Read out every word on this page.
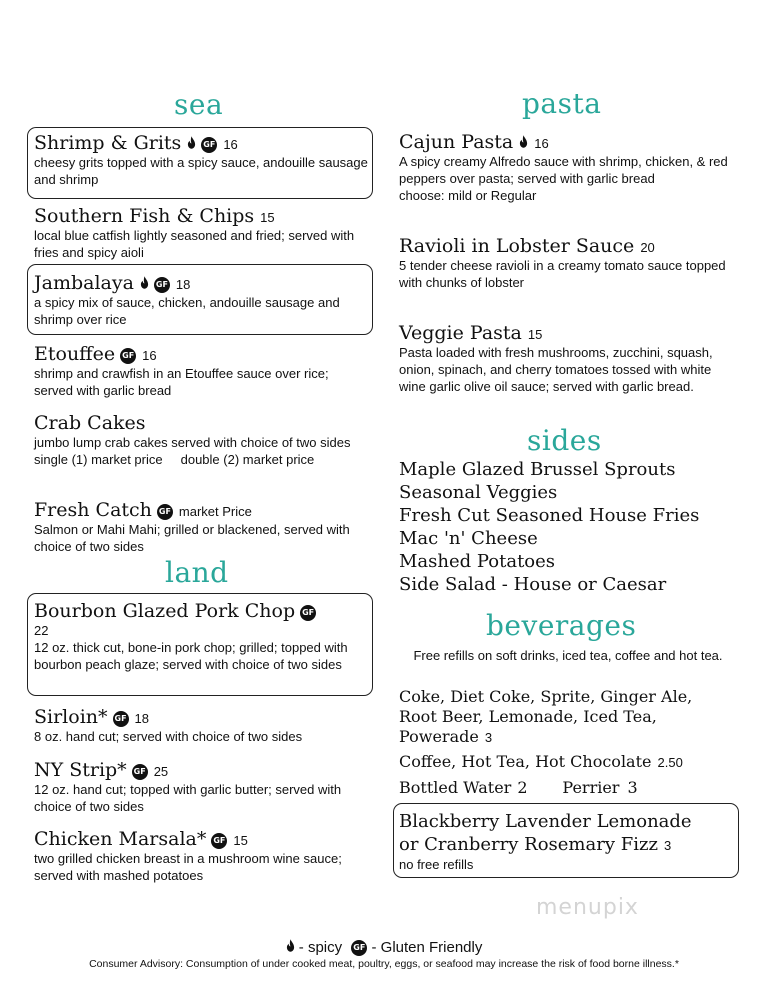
sea
Shrimp & Grits	GF 16
cheesy grits topped with a spicy sauce, andouille sausage and shrimp
Southern Fish & Chips 15
local blue catfish lightly seasoned and fried; served with fries and spicy aioli
Jambalaya	GF 18
a spicy mix of sauce, chicken, andouille sausage and shrimp over rice
Etouffee GF 16
shrimp and crawfish in an Etouffee sauce over rice; served with garlic bread
Crab Cakes
jumbo lump crab cakes served with choice of two sides
single (1) market price double (2) market price
Fresh Catch GF market Price
Salmon or Mahi Mahi; grilled or blackened, served with choice of two sides
land
Bourbon Glazed Pork Chop GF
22
12 oz. thick cut, bone-in pork chop; grilled; topped with bourbon peach glaze; served with choice of two sides
Sirloin* GF 18
8 oz. hand cut; served with choice of two sides
NY Strip* GF 25
12 oz. hand cut; topped with garlic butter; served with choice of two sides
Chicken Marsala* GF 15
two grilled chicken breast in a mushroom wine sauce; served with mashed potatoes
pasta
Cajun Pasta 16
A spicy creamy Alfredo sauce with shrimp, chicken, & red peppers over pasta; served with garlic bread
choose: mild or Regular
Ravioli in Lobster Sauce 20
5 tender cheese ravioli in a creamy tomato sauce topped with chunks of lobster
Veggie Pasta 15
Pasta loaded with fresh mushrooms, zucchini, squash, onion, spinach, and cherry tomatoes tossed with white wine garlic olive oil sauce; served with garlic bread.
sides
Maple Glazed Brussel Sprouts
Seasonal Veggies
Fresh Cut Seasoned House Fries
Mac 'n' Cheese
Mashed Potatoes
Side Salad - House or Caesar
beverages
Free refills on soft drinks, iced tea, coffee and hot tea.
Coke, Diet Coke, Sprite, Ginger Ale, Root Beer, Lemonade, Iced Tea, Powerade 3
Coffee, Hot Tea, Hot Chocolate 2.50
Bottled Water 2 Perrier 3
Blackberry Lavender Lemonade
or Cranberry Rosemary Fizz 3
no free refills
menupix
- spicy GF - Gluten Friendly
Consumer Advisory: Consumption of under cooked meat, poultry, eggs, or seafood may increase the risk of food borne illness.*
